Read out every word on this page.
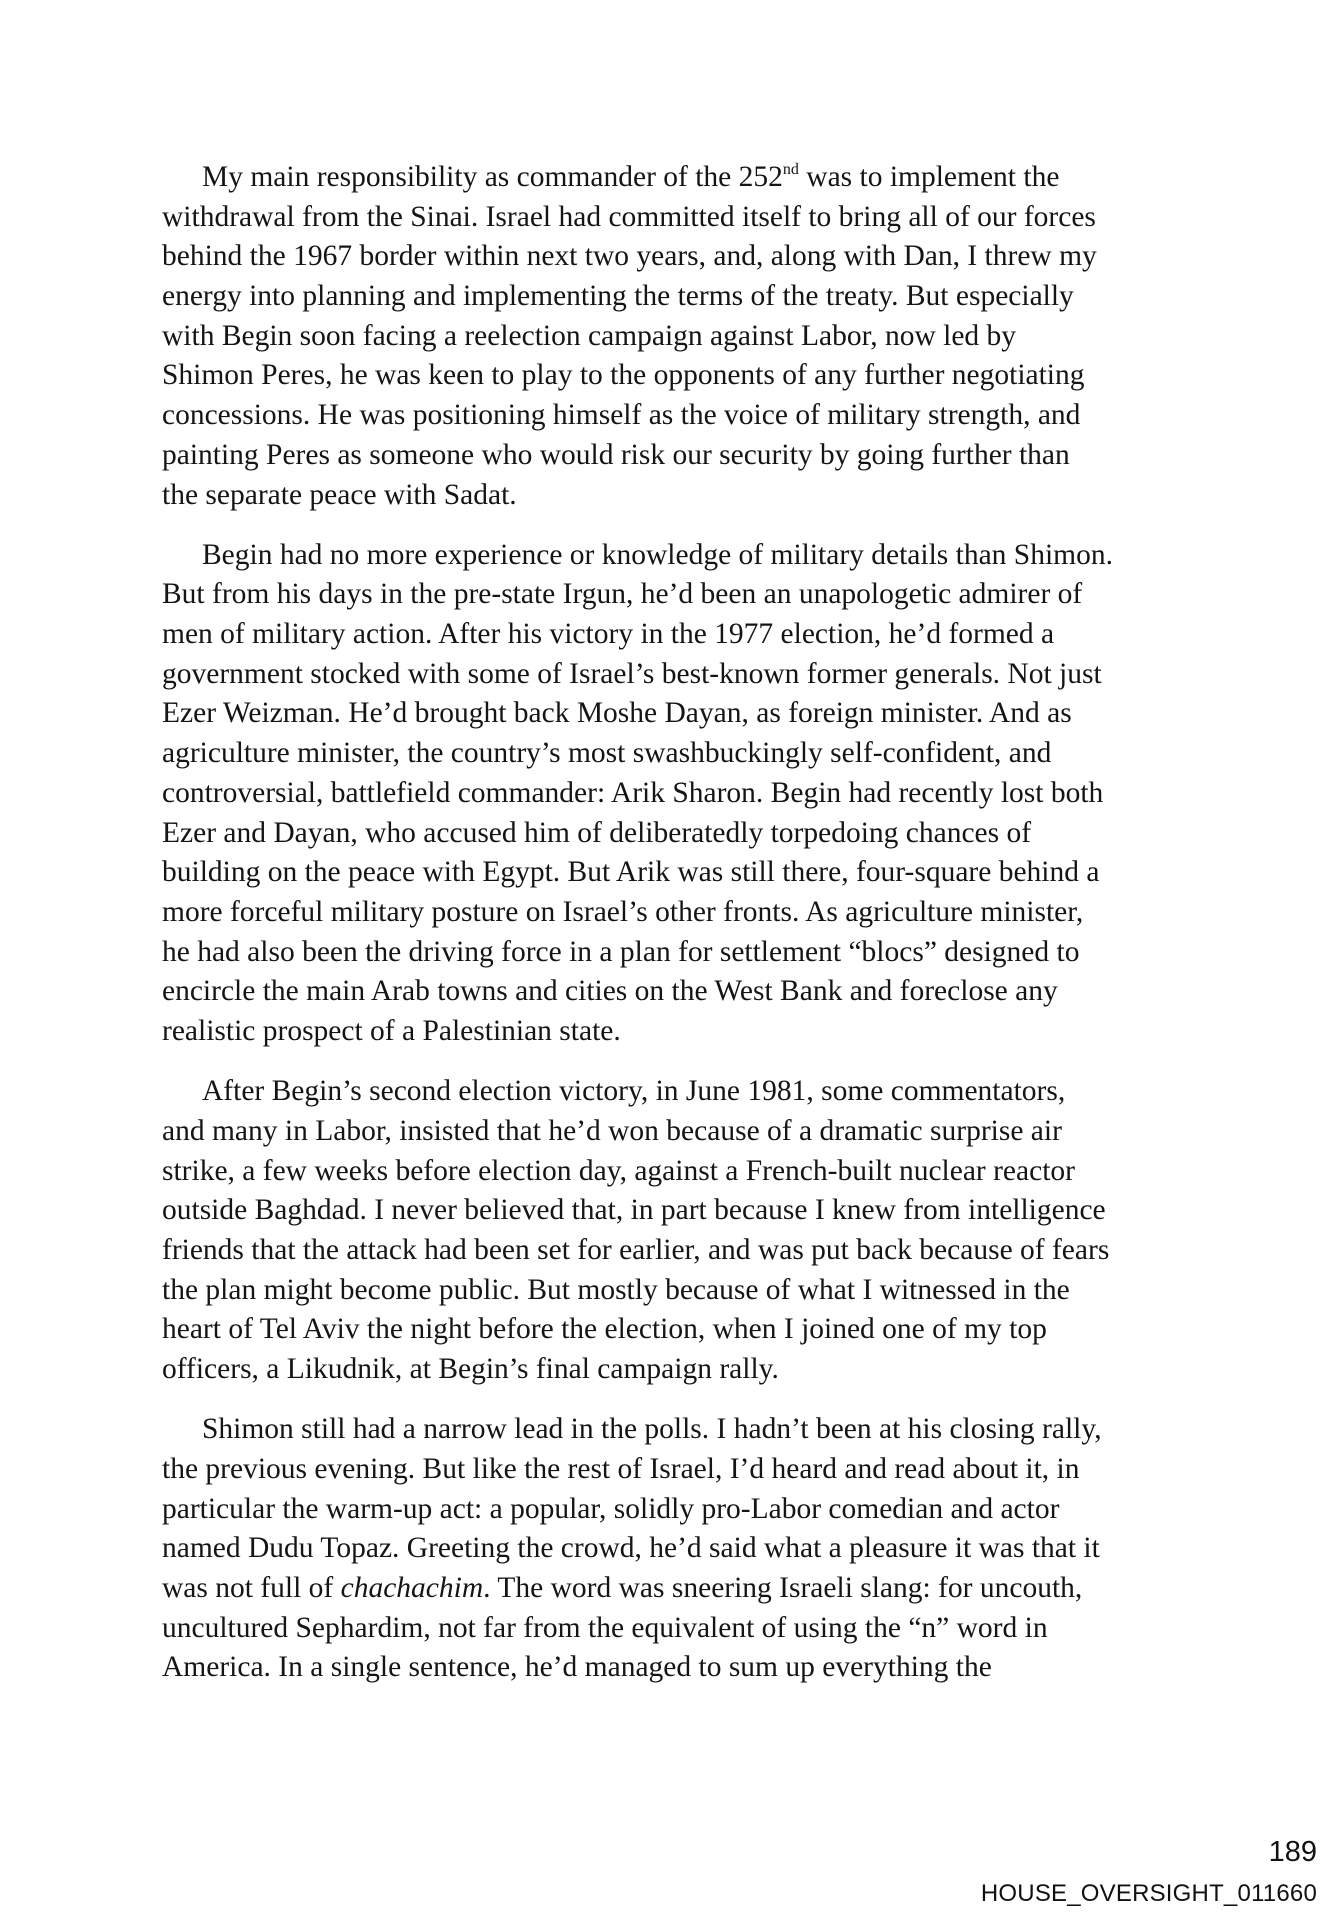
My main responsibility as commander of the 252nd was to implement the
withdrawal from the Sinai. Israel had committed itself to bring all of our forces
behind the 1967 border within next two years, and, along with Dan, I threw my
energy into planning and implementing the terms of the treaty. But especially
with Begin soon facing a reelection campaign against Labor, now led by
Shimon Peres, he was keen to play to the opponents of any further negotiating
concessions. He was positioning himself as the voice of military strength, and
painting Peres as someone who would risk our security by going further than
the separate peace with Sadat.
Begin had no more experience or knowledge of military details than Shimon.
But from his days in the pre-state Irgun, he’d been an unapologetic admirer of
men of military action. After his victory in the 1977 election, he’d formed a
government stocked with some of Israel’s best-known former generals. Not just
Ezer Weizman. He’d brought back Moshe Dayan, as foreign minister. And as
agriculture minister, the country’s most swashbuckingly self-confident, and
controversial, battlefield commander: Arik Sharon. Begin had recently lost both
Ezer and Dayan, who accused him of deliberatedly torpedoing chances of
building on the peace with Egypt. But Arik was still there, four-square behind a
more forceful military posture on Israel’s other fronts. As agriculture minister,
he had also been the driving force in a plan for settlement “blocs” designed to
encircle the main Arab towns and cities on the West Bank and foreclose any
realistic prospect of a Palestinian state.
After Begin’s second election victory, in June 1981, some commentators,
and many in Labor, insisted that he’d won because of a dramatic surprise air
strike, a few weeks before election day, against a French-built nuclear reactor
outside Baghdad. I never believed that, in part because I knew from intelligence
friends that the attack had been set for earlier, and was put back because of fears
the plan might become public. But mostly because of what I witnessed in the
heart of Tel Aviv the night before the election, when I joined one of my top
officers, a Likudnik, at Begin’s final campaign rally.
Shimon still had a narrow lead in the polls. I hadn’t been at his closing rally,
the previous evening. But like the rest of Israel, I’d heard and read about it, in
particular the warm-up act: a popular, solidly pro-Labor comedian and actor
named Dudu Topaz. Greeting the crowd, he’d said what a pleasure it was that it
was not full of chachachim. The word was sneering Israeli slang: for uncouth,
uncultured Sephardim, not far from the equivalent of using the “n” word in
America. In a single sentence, he’d managed to sum up everything the
189
HOUSE_OVERSIGHT_011660
